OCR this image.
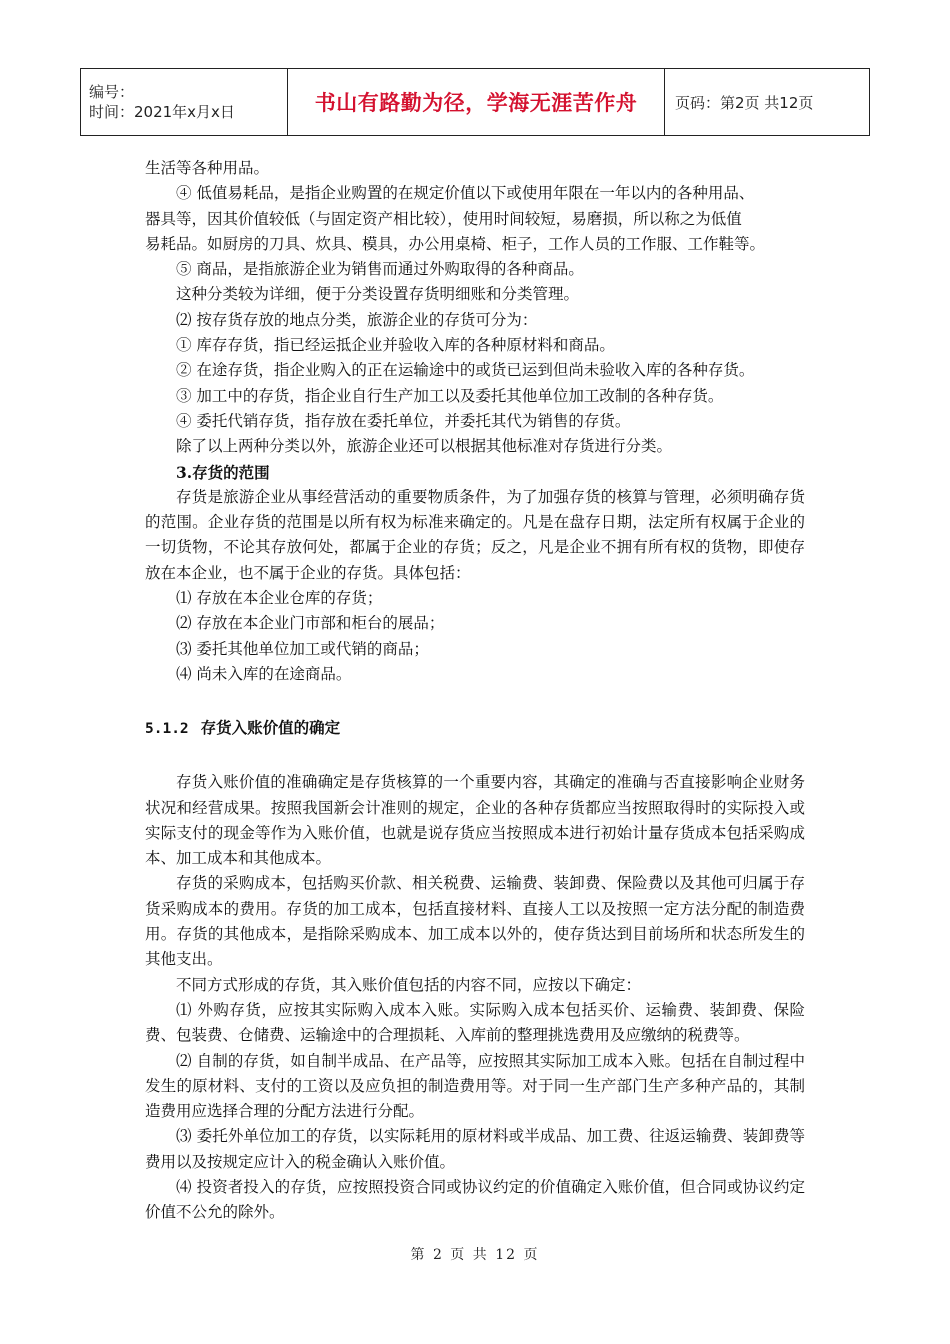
编号：
时间：2021年x月x日	书山有路勤为径，学海无涯苦作舟	页码：第2页 共12页

生活等各种用品。

④ 低值易耗品，是指企业购置的在规定价值以下或使用年限在一年以内的各种用品、

器具等，因其价值较低（与固定资产相比较），使用时间较短，易磨损，所以称之为低值

易耗品。如厨房的刀具、炊具、模具，办公用桌椅、柜子，工作人员的工作服、工作鞋等。

⑤ 商品，是指旅游企业为销售而通过外购取得的各种商品。

这种分类较为详细，便于分类设置存货明细账和分类管理。

⑵ 按存货存放的地点分类，旅游企业的存货可分为：

① 库存存货，指已经运抵企业并验收入库的各种原材料和商品。

② 在途存货，指企业购入的正在运输途中的或货已运到但尚未验收入库的各种存货。

③ 加工中的存货，指企业自行生产加工以及委托其他单位加工改制的各种存货。

④ 委托代销存货，指存放在委托单位，并委托其代为销售的存货。

除了以上两种分类以外，旅游企业还可以根据其他标准对存货进行分类。

3.存货的范围

存货是旅游企业从事经营活动的重要物质条件，为了加强存货的核算与管理，必须明确存货的范围。企业存货的范围是以所有权为标准来确定的。凡是在盘存日期，法定所有权属于企业的一切货物，不论其存放何处，都属于企业的存货；反之，凡是企业不拥有所有权的货物，即使存放在本企业，也不属于企业的存货。具体包括：

⑴ 存放在本企业仓库的存货；

⑵ 存放在本企业门市部和柜台的展品；

⑶ 委托其他单位加工或代销的商品；

⑷ 尚未入库的在途商品。

5.1.2 存货入账价值的确定

存货入账价值的准确确定是存货核算的一个重要内容，其确定的准确与否直接影响企业财务状况和经营成果。按照我国新会计准则的规定，企业的各种存货都应当按照取得时的实际投入或实际支付的现金等作为入账价值，也就是说存货应当按照成本进行初始计量存货成本包括采购成本、加工成本和其他成本。

存货的采购成本，包括购买价款、相关税费、运输费、装卸费、保险费以及其他可归属于存货采购成本的费用。存货的加工成本，包括直接材料、直接人工以及按照一定方法分配的制造费用。存货的其他成本，是指除采购成本、加工成本以外的，使存货达到目前场所和状态所发生的其他支出。

不同方式形成的存货，其入账价值包括的内容不同，应按以下确定：

⑴ 外购存货，应按其实际购入成本入账。实际购入成本包括买价、运输费、装卸费、保险费、包装费、仓储费、运输途中的合理损耗、入库前的整理挑选费用及应缴纳的税费等。

⑵ 自制的存货，如自制半成品、在产品等，应按照其实际加工成本入账。包括在自制过程中发生的原材料、支付的工资以及应负担的制造费用等。对于同一生产部门生产多种产品的，其制造费用应选择合理的分配方法进行分配。

⑶ 委托外单位加工的存货，以实际耗用的原材料或半成品、加工费、往返运输费、装卸费等费用以及按规定应计入的税金确认入账价值。

⑷ 投资者投入的存货，应按照投资合同或协议约定的价值确定入账价值，但合同或协议约定价值不公允的除外。

第 2 页 共 12 页
